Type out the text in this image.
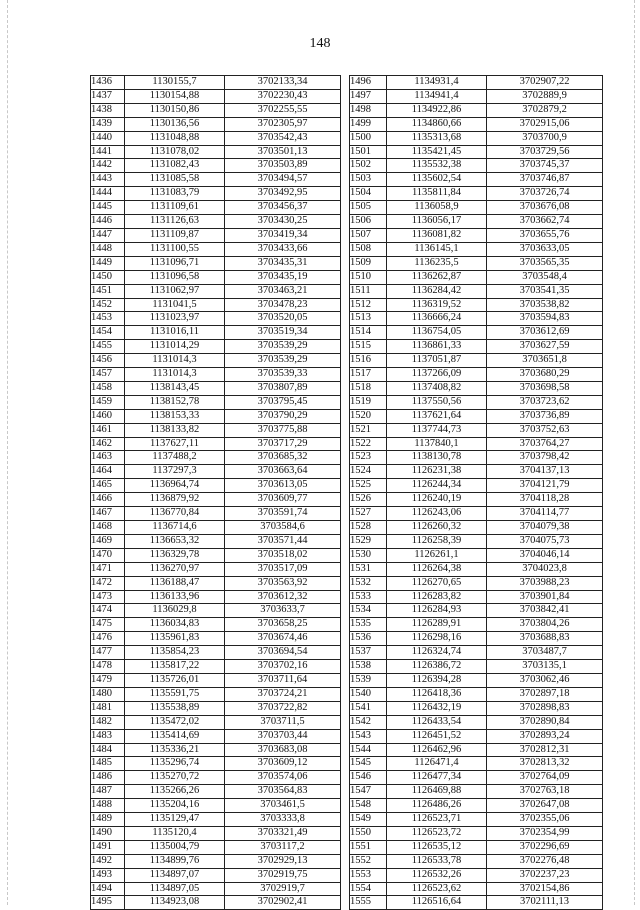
148
1436	1130155,7	3702133,34
1437	1130154,88	3702230,43
1438	1130150,86	3702255,55
1439	1130136,56	3702305,97
1440	1131048,88	3703542,43
1441	1131078,02	3703501,13
1442	1131082,43	3703503,89
1443	1131085,58	3703494,57
1444	1131083,79	3703492,95
1445	1131109,61	3703456,37
1446	1131126,63	3703430,25
1447	1131109,87	3703419,34
1448	1131100,55	3703433,66
1449	1131096,71	3703435,31
1450	1131096,58	3703435,19
1451	1131062,97	3703463,21
1452	1131041,5	3703478,23
1453	1131023,97	3703520,05
1454	1131016,11	3703519,34
1455	1131014,29	3703539,29
1456	1131014,3	3703539,29
1457	1131014,3	3703539,33
1458	1138143,45	3703807,89
1459	1138152,78	3703795,45
1460	1138153,33	3703790,29
1461	1138133,82	3703775,88
1462	1137627,11	3703717,29
1463	1137488,2	3703685,32
1464	1137297,3	3703663,64
1465	1136964,74	3703613,05
1466	1136879,92	3703609,77
1467	1136770,84	3703591,74
1468	1136714,6	3703584,6
1469	1136653,32	3703571,44
1470	1136329,78	3703518,02
1471	1136270,97	3703517,09
1472	1136188,47	3703563,92
1473	1136133,96	3703612,32
1474	1136029,8	3703633,7
1475	1136034,83	3703658,25
1476	1135961,83	3703674,46
1477	1135854,23	3703694,54
1478	1135817,22	3703702,16
1479	1135726,01	3703711,64
1480	1135591,75	3703724,21
1481	1135538,89	3703722,82
1482	1135472,02	3703711,5
1483	1135414,69	3703703,44
1484	1135336,21	3703683,08
1485	1135296,74	3703609,12
1486	1135270,72	3703574,06
1487	1135266,26	3703564,83
1488	1135204,16	3703461,5
1489	1135129,47	3703333,8
1490	1135120,4	3703321,49
1491	1135004,79	3703117,2
1492	1134899,76	3702929,13
1493	1134897,07	3702919,75
1494	1134897,05	3702919,7
1495	1134923,08	3702902,41
1496	1134931,4	3702907,22
1497	1134941,4	3702889,9
1498	1134922,86	3702879,2
1499	1134860,66	3702915,06
1500	1135313,68	3703700,9
1501	1135421,45	3703729,56
1502	1135532,38	3703745,37
1503	1135602,54	3703746,87
1504	1135811,84	3703726,74
1505	1136058,9	3703676,08
1506	1136056,17	3703662,74
1507	1136081,82	3703655,76
1508	1136145,1	3703633,05
1509	1136235,5	3703565,35
1510	1136262,87	3703548,4
1511	1136284,42	3703541,35
1512	1136319,52	3703538,82
1513	1136666,24	3703594,83
1514	1136754,05	3703612,69
1515	1136861,33	3703627,59
1516	1137051,87	3703651,8
1517	1137266,09	3703680,29
1518	1137408,82	3703698,58
1519	1137550,56	3703723,62
1520	1137621,64	3703736,89
1521	1137744,73	3703752,63
1522	1137840,1	3703764,27
1523	1138130,78	3703798,42
1524	1126231,38	3704137,13
1525	1126244,34	3704121,79
1526	1126240,19	3704118,28
1527	1126243,06	3704114,77
1528	1126260,32	3704079,38
1529	1126258,39	3704075,73
1530	1126261,1	3704046,14
1531	1126264,38	3704023,8
1532	1126270,65	3703988,23
1533	1126283,82	3703901,84
1534	1126284,93	3703842,41
1535	1126289,91	3703804,26
1536	1126298,16	3703688,83
1537	1126324,74	3703487,7
1538	1126386,72	3703135,1
1539	1126394,28	3703062,46
1540	1126418,36	3702897,18
1541	1126432,19	3702898,83
1542	1126433,54	3702890,84
1543	1126451,52	3702893,24
1544	1126462,96	3702812,31
1545	1126471,4	3702813,32
1546	1126477,34	3702764,09
1547	1126469,88	3702763,18
1548	1126486,26	3702647,08
1549	1126523,71	3702355,06
1550	1126523,72	3702354,99
1551	1126535,12	3702296,69
1552	1126533,78	3702276,48
1553	1126532,26	3702237,23
1554	1126523,62	3702154,86
1555	1126516,64	3702111,13
